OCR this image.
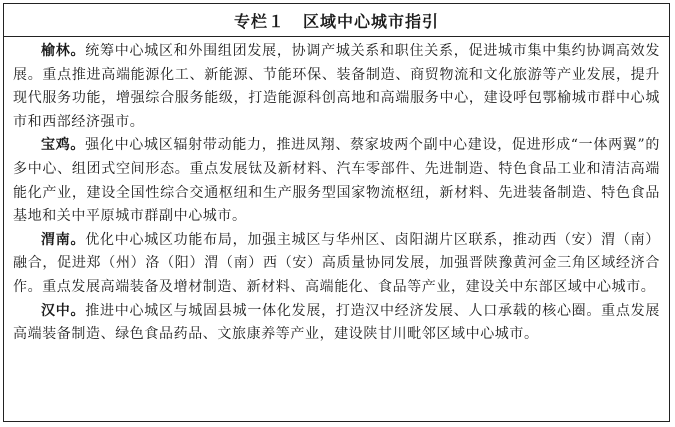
专栏１ 区域中心城市指引

榆林。统筹中心城区和外围组团发展，协调产城关系和职住关系，促进城市集中集约协调高效发展。重点推进高端能源化工、新能源、节能环保、装备制造、商贸物流和文化旅游等产业发展，提升现代服务功能，增强综合服务能级，打造能源科创高地和高端服务中心，建设呼包鄂榆城市群中心城市和西部经济强市。

宝鸡。强化中心城区辐射带动能力，推进凤翔、蔡家坡两个副中心建设，促进形成“一体两翼”的多中心、组团式空间形态。重点发展钛及新材料、汽车零部件、先进制造、特色食品工业和清洁高端能化产业，建设全国性综合交通枢纽和生产服务型国家物流枢纽，新材料、先进装备制造、特色食品基地和关中平原城市群副中心城市。

渭南。优化中心城区功能布局，加强主城区与华州区、卤阳湖片区联系，推动西（安）渭（南）融合，促进郑（州）洛（阳）渭（南）西（安）高质量协同发展，加强晋陕豫黄河金三角区域经济合作。重点发展高端装备及增材制造、新材料、高端能化、食品等产业，建设关中东部区域中心城市。

汉中。推进中心城区与城固县城一体化发展，打造汉中经济发展、人口承载的核心圈。重点发展高端装备制造、绿色食品药品、文旅康养等产业，建设陕甘川毗邻区域中心城市。
